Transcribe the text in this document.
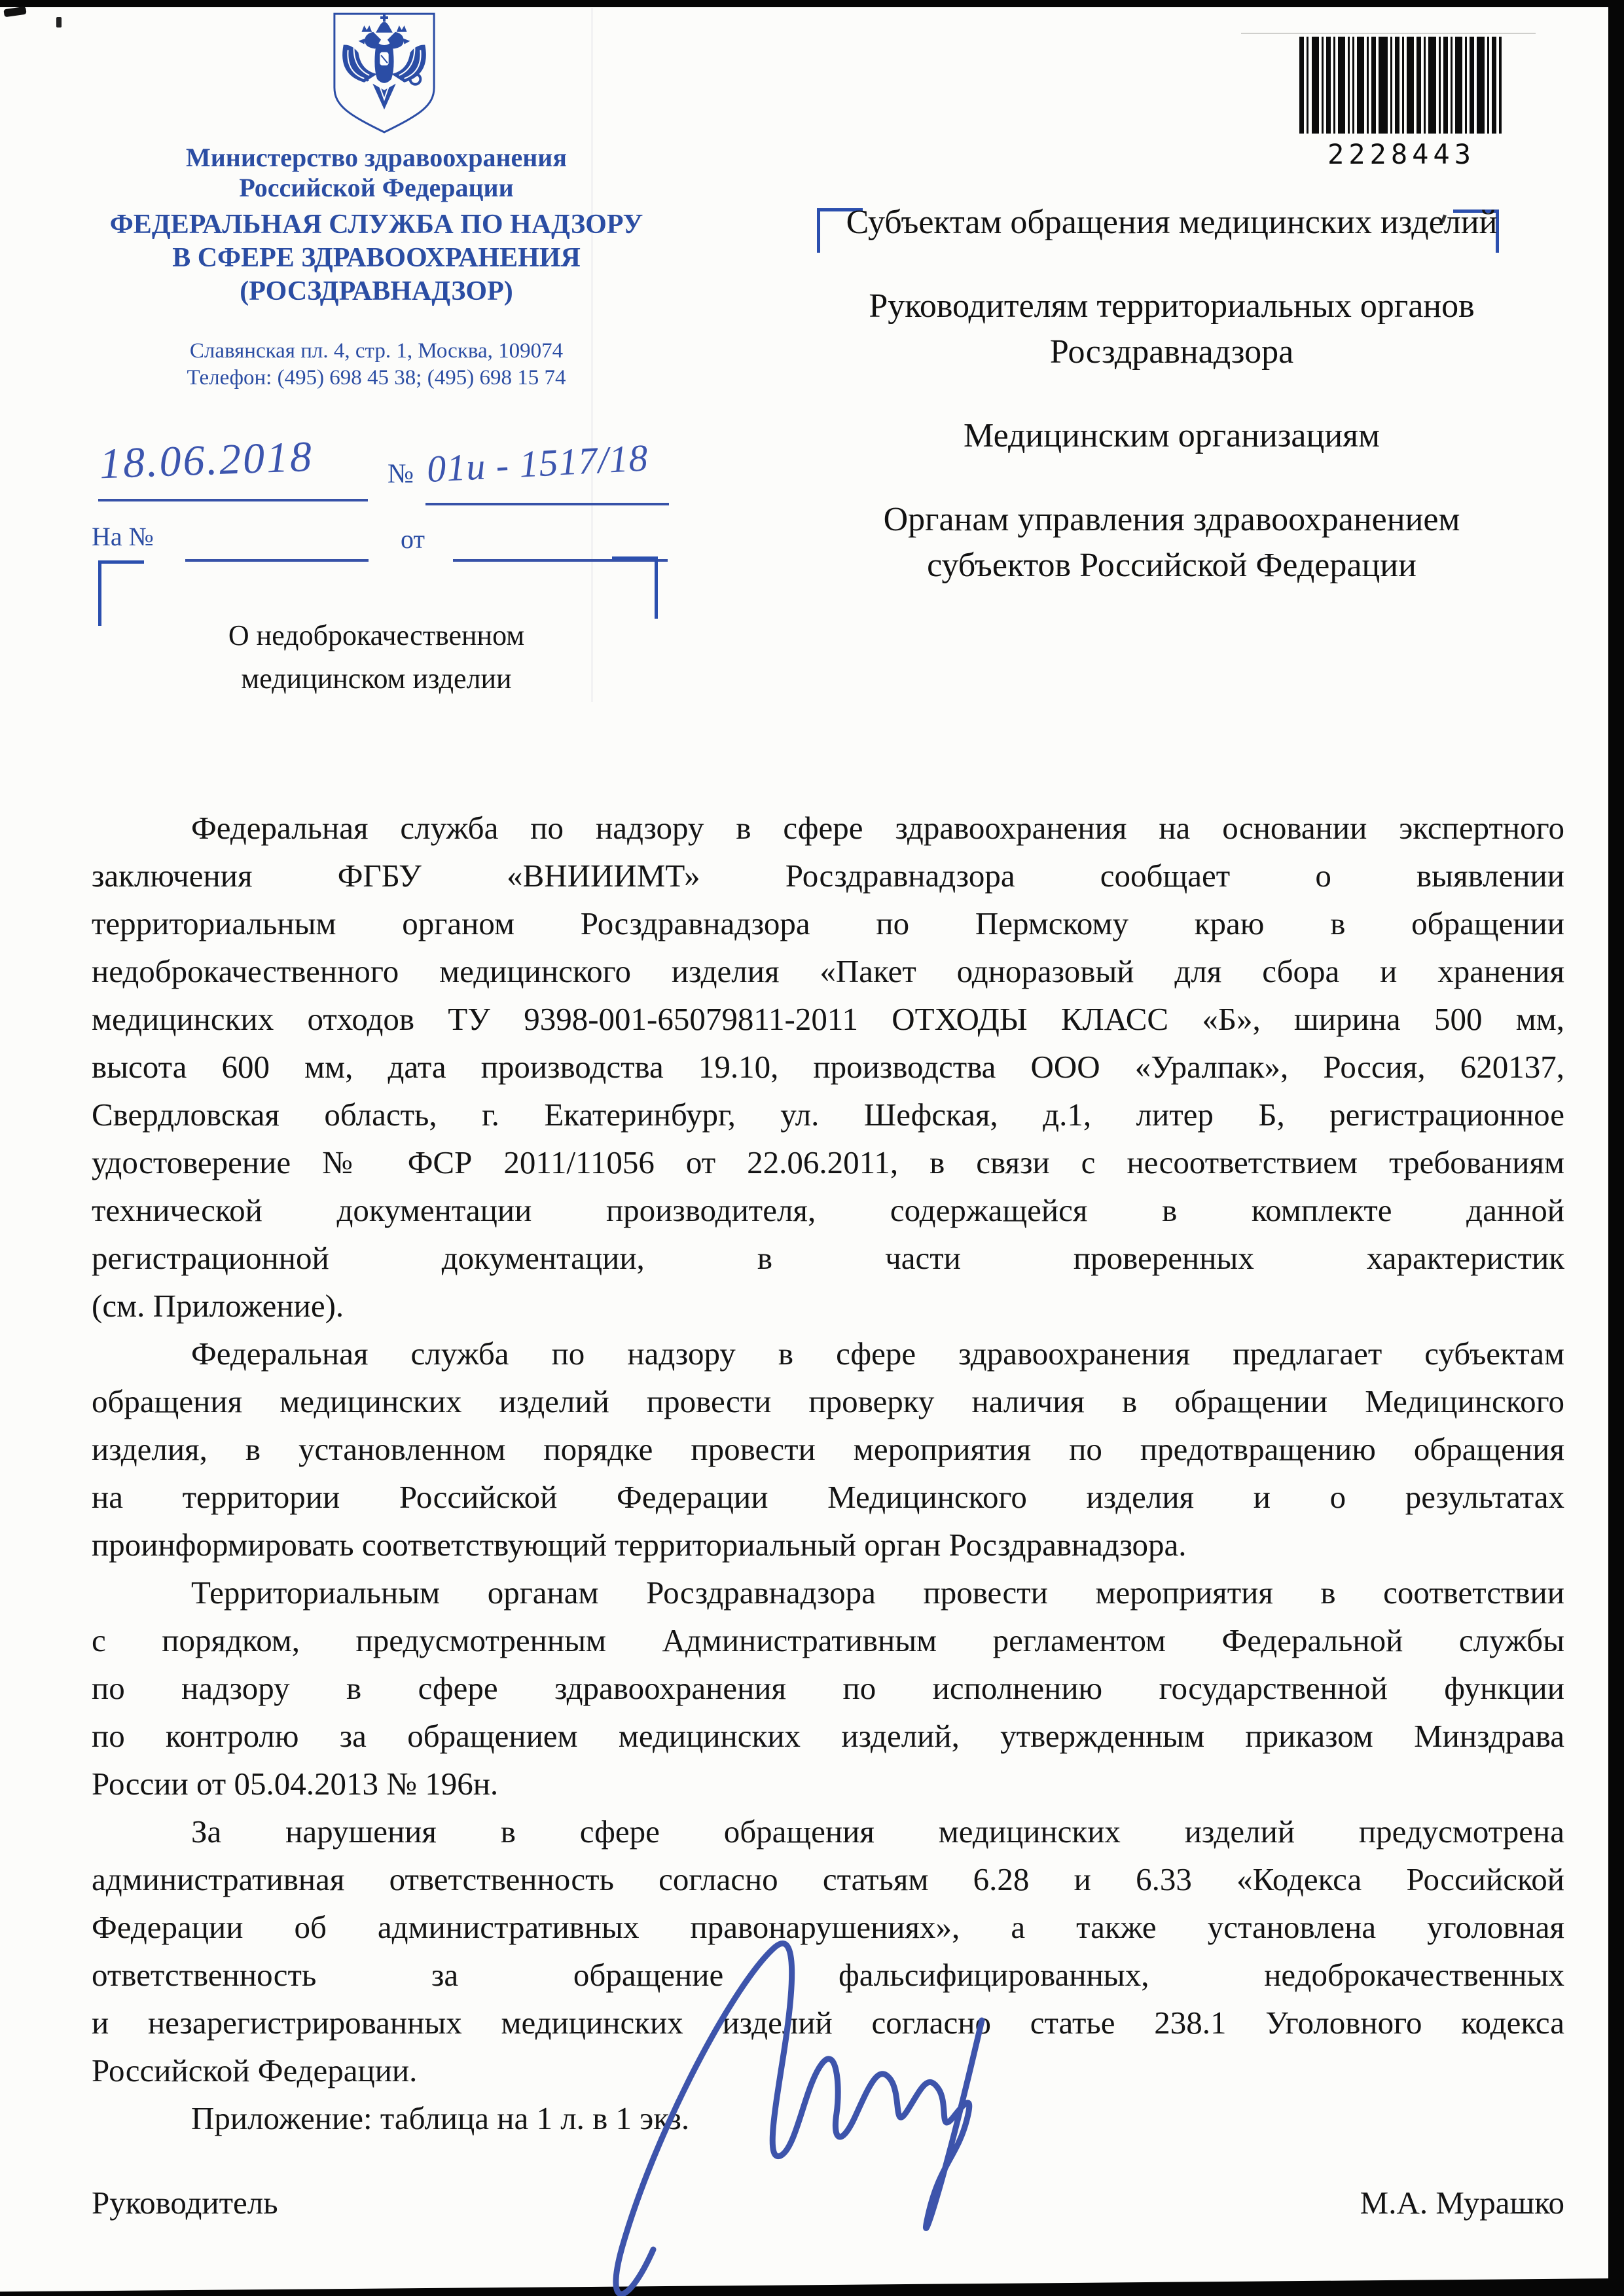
Министерство здравоохранения
Российской Федерации
ФЕДЕРАЛЬНАЯ СЛУЖБА ПО НАДЗОРУ
В СФЕРЕ ЗДРАВООХРАНЕНИЯ
(РОСЗДРАВНАДЗОР)
Славянская пл. 4, стр. 1, Москва, 109074
Телефон: (495) 698 45 38; (495) 698 15 74
18.06.2018	№ 01и - 1517/18
На №	от
2228443
О недоброкачественном медицинском изделии
Субъектам обращения медицинских изделий
Руководителям территориальных органов Росздравнадзора
Медицинским организациям
Органам управления здравоохранением субъектов Российской Федерации
Федеральная служба по надзору в сфере здравоохранения на основании экспертного
заключения ФГБУ «ВНИИИМТ» Росздравнадзора сообщает о выявлении
территориальным органом Росздравнадзора по Пермскому краю в обращении
недоброкачественного медицинского изделия «Пакет одноразовый для сбора и хранения
медицинских отходов ТУ 9398-001-65079811-2011 ОТХОДЫ КЛАСС «Б», ширина 500 мм,
высота 600 мм, дата производства 19.10, производства ООО «Уралпак», Россия, 620137,
Свердловская область, г. Екатеринбург, ул. Шефская, д.1, литер Б, регистрационное
удостоверение № ФСР 2011/11056 от 22.06.2011, в связи с несоответствием требованиям
технической документации производителя, содержащейся в комплекте данной
регистрационной документации, в части проверенных характеристик
(см. Приложение).
Федеральная служба по надзору в сфере здравоохранения предлагает субъектам
обращения медицинских изделий провести проверку наличия в обращении Медицинского
изделия, в установленном порядке провести мероприятия по предотвращению обращения
на территории Российской Федерации Медицинского изделия и о результатах
проинформировать соответствующий территориальный орган Росздравнадзора.
Территориальным органам Росздравнадзора провести мероприятия в соответствии
с порядком, предусмотренным Административным регламентом Федеральной службы
по надзору в сфере здравоохранения по исполнению государственной функции
по контролю за обращением медицинских изделий, утвержденным приказом Минздрава
России от 05.04.2013 № 196н.
За нарушения в сфере обращения медицинских изделий предусмотрена
административная ответственность согласно статьям 6.28 и 6.33 «Кодекса Российской
Федерации об административных правонарушениях», а также установлена уголовная
ответственность за обращение фальсифицированных, недоброкачественных
и незарегистрированных медицинских изделий согласно статье 238.1 Уголовного кодекса
Российской Федерации.
Приложение: таблица на 1 л. в 1 экз.
Руководитель	М.А. Мурашко
